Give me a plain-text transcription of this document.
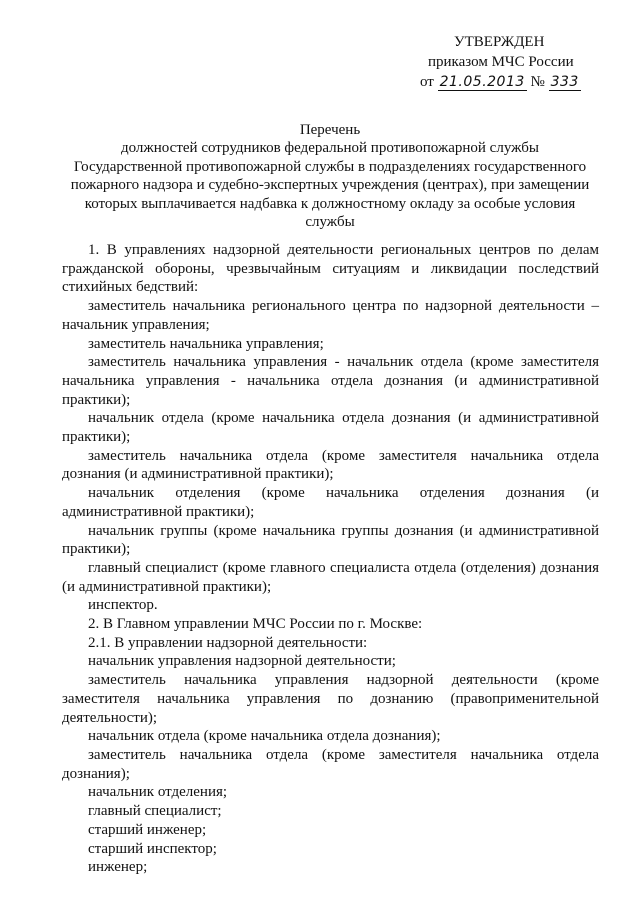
УТВЕРЖДЕН
приказом МЧС России
от 21.05.2013 № 333
Перечень
должностей сотрудников федеральной противопожарной службы
Государственной противопожарной службы в подразделениях государственного
пожарного надзора и судебно-экспертных учреждения (центрах), при замещении
которых выплачивается надбавка к должностному окладу за особые условия
службы

1. В управлениях надзорной деятельности региональных центров по делам гражданской обороны, чрезвычайным ситуациям и ликвидации последствий стихийных бедствий:

заместитель начальника регионального центра по надзорной деятельности – начальник управления;

заместитель начальника управления;

заместитель начальника управления - начальник отдела (кроме заместителя начальника управления - начальника отдела дознания (и административной практики);

начальник отдела (кроме начальника отдела дознания (и административной практики);

заместитель начальника отдела (кроме заместителя начальника отдела дознания (и административной практики);

начальник отделения (кроме начальника отделения дознания (и административной практики);

начальник группы (кроме начальника группы дознания (и административной практики);

главный специалист (кроме главного специалиста отдела (отделения) дознания (и административной практики);

инспектор.

2. В Главном управлении МЧС России по г. Москве:

2.1. В управлении надзорной деятельности:

начальник управления надзорной деятельности;

заместитель начальника управления надзорной деятельности (кроме заместителя начальника управления по дознанию (правоприменительной деятельности);

начальник отдела (кроме начальника отдела дознания);

заместитель начальника отдела (кроме заместителя начальника отдела дознания);

начальник отделения;

главный специалист;

старший инженер;

старший инспектор;

инженер;
